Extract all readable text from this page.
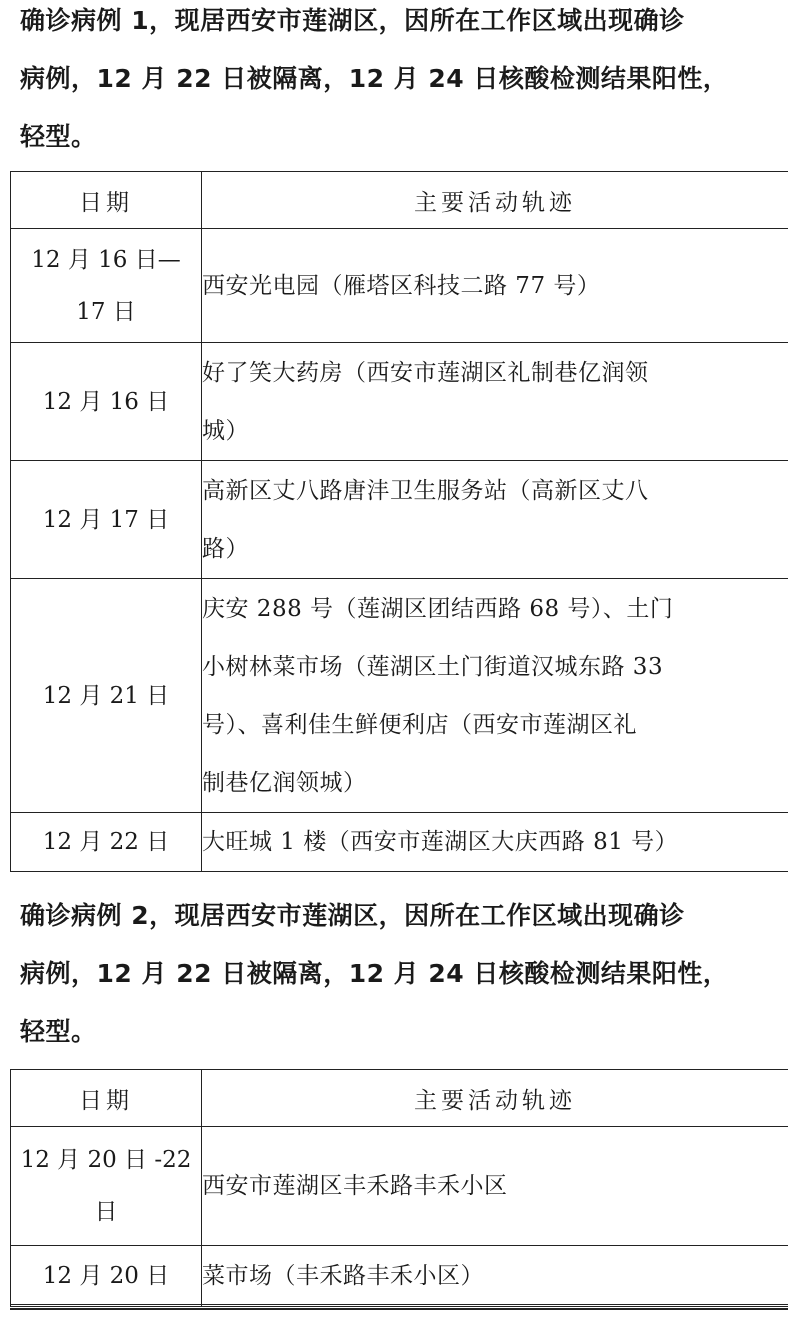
确诊病例 1，现居西安市莲湖区，因所在工作区域出现确诊
病例，12 月 22 日被隔离，12 月 24 日核酸检测结果阳性，
轻型。
日期	主要活动轨迹

12 月 16 日—
17 日	西安光电园（雁塔区科技二路 77 号）

12 月 16 日	好了笑大药房（西安市莲湖区礼制巷亿润领
城）

12 月 17 日	高新区丈八路唐沣卫生服务站（高新区丈八
路）

12 月 21 日	庆安 288 号（莲湖区团结西路 68 号）、土门
小树林菜市场（莲湖区土门街道汉城东路 33
号）、喜利佳生鲜便利店（西安市莲湖区礼
制巷亿润领城）

12 月 22 日	大旺城 1 楼（西安市莲湖区大庆西路 81 号）
确诊病例 2，现居西安市莲湖区，因所在工作区域出现确诊
病例，12 月 22 日被隔离，12 月 24 日核酸检测结果阳性，
轻型。
日期	主要活动轨迹

12 月 20 日 -22
日	西安市莲湖区丰禾路丰禾小区

12 月 20 日	菜市场（丰禾路丰禾小区）
